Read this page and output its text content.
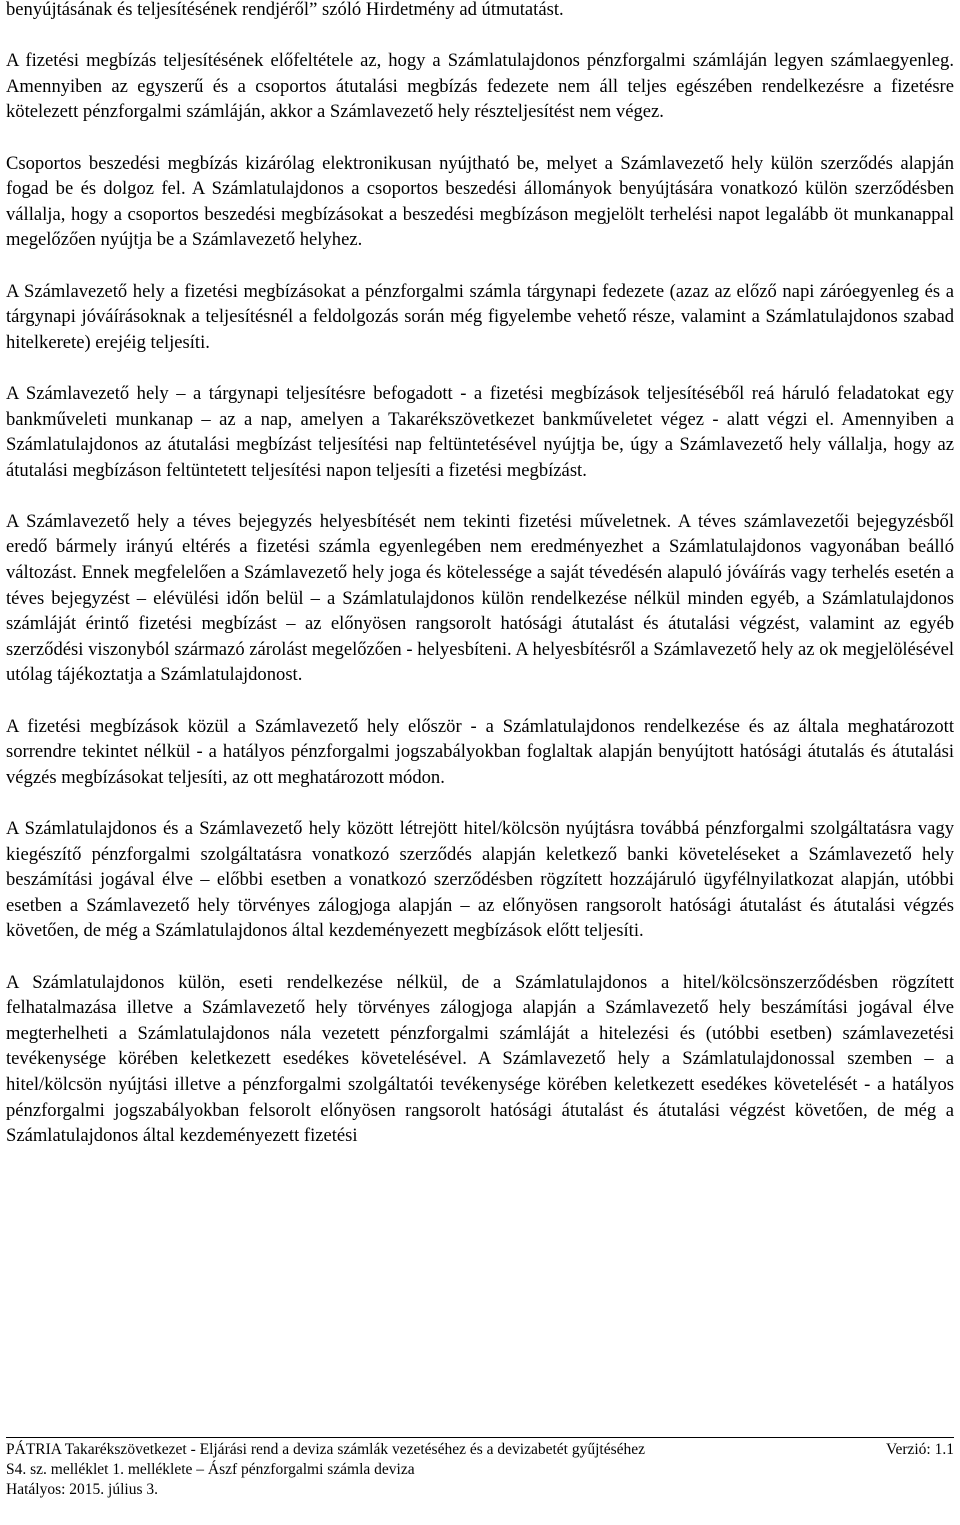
benyújtásának és teljesítésének rendjéről” szóló Hirdetmény ad útmutatást.

A fizetési megbízás teljesítésének előfeltétele az, hogy a Számlatulajdonos pénzforgalmi számláján legyen számlaegyenleg. Amennyiben az egyszerű és a csoportos átutalási megbízás fedezete nem áll teljes egészében rendelkezésre a fizetésre kötelezett pénzforgalmi számláján, akkor a Számlavezető hely részteljesítést nem végez.

Csoportos beszedési megbízás kizárólag elektronikusan nyújtható be, melyet a Számlavezető hely külön szerződés alapján fogad be és dolgoz fel. A Számlatulajdonos a csoportos beszedési állományok benyújtására vonatkozó külön szerződésben vállalja, hogy a csoportos beszedési megbízásokat a beszedési megbízáson megjelölt terhelési napot legalább öt munkanappal megelőzően nyújtja be a Számlavezető helyhez.

A Számlavezető hely a fizetési megbízásokat a pénzforgalmi számla tárgynapi fedezete (azaz az előző napi záróegyenleg és a tárgynapi jóváírásoknak a teljesítésnél a feldolgozás során még figyelembe vehető része, valamint a Számlatulajdonos szabad hitelkerete) erejéig teljesíti.

A Számlavezető hely – a tárgynapi teljesítésre befogadott - a fizetési megbízások teljesítéséből reá háruló feladatokat egy bankműveleti munkanap – az a nap, amelyen a Takarékszövetkezet bankműveletet végez - alatt végzi el. Amennyiben a Számlatulajdonos az átutalási megbízást teljesítési nap feltüntetésével nyújtja be, úgy a Számlavezető hely vállalja, hogy az átutalási megbízáson feltüntetett teljesítési napon teljesíti a fizetési megbízást.

A Számlavezető hely a téves bejegyzés helyesbítését nem tekinti fizetési műveletnek. A téves számlavezetői bejegyzésből eredő bármely irányú eltérés a fizetési számla egyenlegében nem eredményezhet a Számlatulajdonos vagyonában beálló változást. Ennek megfelelően a Számlavezető hely joga és kötelessége a saját tévedésén alapuló jóváírás vagy terhelés esetén a téves bejegyzést – elévülési időn belül – a Számlatulajdonos külön rendelkezése nélkül minden egyéb, a Számlatulajdonos számláját érintő fizetési megbízást – az előnyösen rangsorolt hatósági átutalást és átutalási végzést, valamint az egyéb szerződési viszonyból származó zárolást megelőzően - helyesbíteni. A helyesbítésről a Számlavezető hely az ok megjelölésével utólag tájékoztatja a Számlatulajdonost.

A fizetési megbízások közül a Számlavezető hely először - a Számlatulajdonos rendelkezése és az általa meghatározott sorrendre tekintet nélkül - a hatályos pénzforgalmi jogszabályokban foglaltak alapján benyújtott hatósági átutalás és átutalási végzés megbízásokat teljesíti, az ott meghatározott módon.

A Számlatulajdonos és a Számlavezető hely között létrejött hitel/kölcsön nyújtásra továbbá pénzforgalmi szolgáltatásra vagy kiegészítő pénzforgalmi szolgáltatásra vonatkozó szerződés alapján keletkező banki követeléseket a Számlavezető hely beszámítási jogával élve – előbbi esetben a vonatkozó szerződésben rögzített hozzájáruló ügyfélnyilatkozat alapján, utóbbi esetben a Számlavezető hely törvényes zálogjoga alapján – az előnyösen rangsorolt hatósági átutalást és átutalási végzés követően, de még a Számlatulajdonos által kezdeményezett megbízások előtt teljesíti.

A Számlatulajdonos külön, eseti rendelkezése nélkül, de a Számlatulajdonos a hitel/kölcsönszerződésben rögzített felhatalmazása illetve a Számlavezető hely törvényes zálogjoga alapján a Számlavezető hely beszámítási jogával élve megterhelheti a Számlatulajdonos nála vezetett pénzforgalmi számláját a hitelezési és (utóbbi esetben) számlavezetési tevékenysége körében keletkezett esedékes követelésével. A Számlavezető hely a Számlatulajdonossal szemben – a hitel/kölcsön nyújtási illetve a pénzforgalmi szolgáltatói tevékenysége körében keletkezett esedékes követelését - a hatályos pénzforgalmi jogszabályokban felsorolt előnyösen rangsorolt hatósági átutalást és átutalási végzést követően, de még a Számlatulajdonos által kezdeményezett fizetési

PÁTRIA Takarékszövetkezet - Eljárási rend a deviza számlák vezetéséhez és a devizabetét gyűjtéséhez	Verzió: 1.1
S4. sz. melléklet 1. melléklete – Ászf pénzforgalmi számla deviza
Hatályos: 2015. július 3.
